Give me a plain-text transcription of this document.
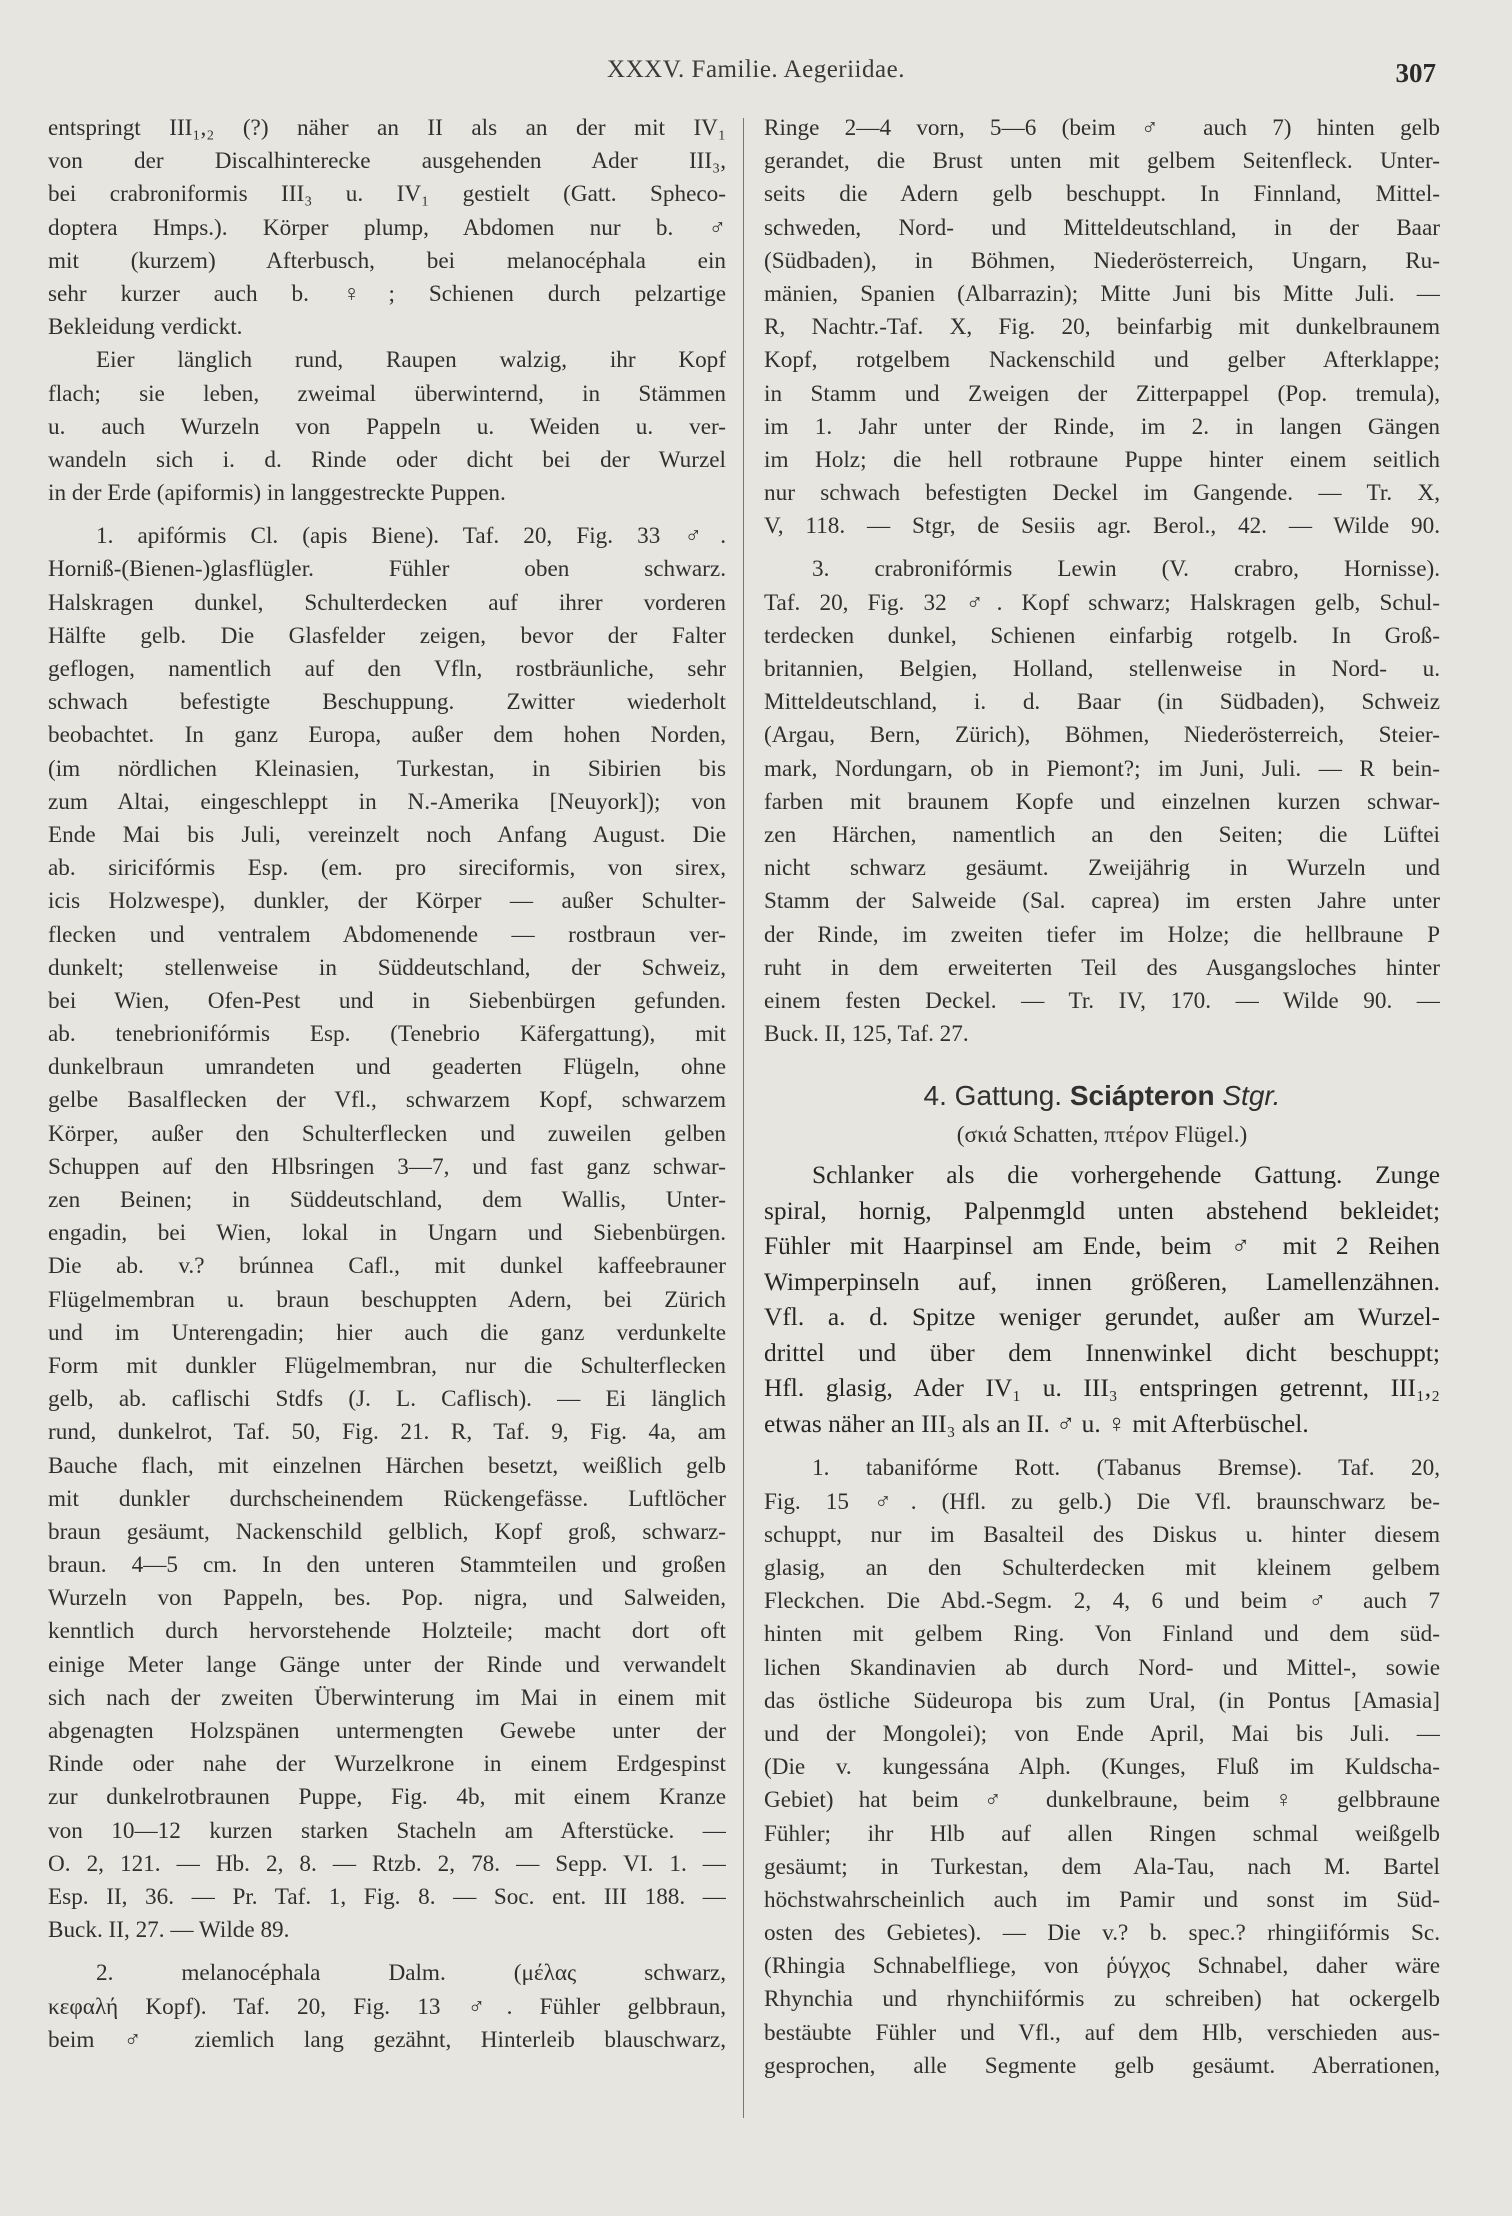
XXXV. Familie. Aegeriidae.	307
entspringt III₁,₂ (?) näher an II als an der mit IV₁
von der Discalhinterecke ausgehenden Ader III₃,
bei crabroniformis III₃ u. IV₁ gestielt (Gatt. Spheco-
doptera Hmps.). Körper plump, Abdomen nur b. ♂
mit (kurzem) Afterbusch, bei melanocéphala ein
sehr kurzer auch b. ♀; Schienen durch pelzartige
Bekleidung verdickt.
Eier länglich rund, Raupen walzig, ihr Kopf
flach; sie leben, zweimal überwinternd, in Stämmen
u. auch Wurzeln von Pappeln u. Weiden u. ver-
wandeln sich i. d. Rinde oder dicht bei der Wurzel
in der Erde (apiformis) in langgestreckte Puppen.
1. apifórmis Cl. (apis Biene). Taf. 20, Fig. 33 ♂.
Horniß-(Bienen-)glasflügler. Fühler oben schwarz.
Halskragen dunkel, Schulterdecken auf ihrer vorderen
Hälfte gelb. Die Glasfelder zeigen, bevor der Falter
geflogen, namentlich auf den Vfln, rostbräunliche, sehr
schwach befestigte Beschuppung. Zwitter wiederholt
beobachtet. In ganz Europa, außer dem hohen Norden,
(im nördlichen Kleinasien, Turkestan, in Sibirien bis
zum Altai, eingeschleppt in N.-Amerika [Neuyork]); von
Ende Mai bis Juli, vereinzelt noch Anfang August. Die
ab. siricifórmis Esp. (em. pro sireciformis, von sirex,
icis Holzwespe), dunkler, der Körper — außer Schulter-
flecken und ventralem Abdomenende — rostbraun ver-
dunkelt; stellenweise in Süddeutschland, der Schweiz,
bei Wien, Ofen-Pest und in Siebenbürgen gefunden.
ab. tenebrionifórmis Esp. (Tenebrio Käfergattung), mit
dunkelbraun umrandeten und geaderten Flügeln, ohne
gelbe Basalflecken der Vfl., schwarzem Kopf, schwarzem
Körper, außer den Schulterflecken und zuweilen gelben
Schuppen auf den Hlbsringen 3—7, und fast ganz schwar-
zen Beinen; in Süddeutschland, dem Wallis, Unter-
engadin, bei Wien, lokal in Ungarn und Siebenbürgen.
Die ab. v.? brúnnea Cafl., mit dunkel kaffeebrauner
Flügelmembran u. braun beschuppten Adern, bei Zürich
und im Unterengadin; hier auch die ganz verdunkelte
Form mit dunkler Flügelmembran, nur die Schulterflecken
gelb, ab. caflischi Stdfs (J. L. Caflisch). — Ei länglich
rund, dunkelrot, Taf. 50, Fig. 21. R, Taf. 9, Fig. 4a, am
Bauche flach, mit einzelnen Härchen besetzt, weißlich gelb
mit dunkler durchscheinendem Rückengefässe. Luftlöcher
braun gesäumt, Nackenschild gelblich, Kopf groß, schwarz-
braun. 4—5 cm. In den unteren Stammteilen und großen
Wurzeln von Pappeln, bes. Pop. nigra, und Salweiden,
kenntlich durch hervorstehende Holzteile; macht dort oft
einige Meter lange Gänge unter der Rinde und verwandelt
sich nach der zweiten Überwinterung im Mai in einem mit
abgenagten Holzspänen untermengten Gewebe unter der
Rinde oder nahe der Wurzelkrone in einem Erdgespinst
zur dunkelrotbraunen Puppe, Fig. 4b, mit einem Kranze
von 10—12 kurzen starken Stacheln am Afterstücke. —
O. 2, 121. — Hb. 2, 8. — Rtzb. 2, 78. — Sepp. VI. 1. —
Esp. II, 36. — Pr. Taf. 1, Fig. 8. — Soc. ent. III 188. —
Buck. II, 27. — Wilde 89.
2. melanocéphala Dalm. (μέλας schwarz,
κεφαλή Kopf). Taf. 20, Fig. 13 ♂. Fühler gelbbraun,
beim ♂ ziemlich lang gezähnt, Hinterleib blauschwarz,
Ringe 2—4 vorn, 5—6 (beim ♂ auch 7) hinten gelb
gerandet, die Brust unten mit gelbem Seitenfleck. Unter-
seits die Adern gelb beschuppt. In Finnland, Mittel-
schweden, Nord- und Mitteldeutschland, in der Baar
(Südbaden), in Böhmen, Niederösterreich, Ungarn, Ru-
mänien, Spanien (Albarrazin); Mitte Juni bis Mitte Juli. —
R, Nachtr.-Taf. X, Fig. 20, beinfarbig mit dunkelbraunem
Kopf, rotgelbem Nackenschild und gelber Afterklappe;
in Stamm und Zweigen der Zitterpappel (Pop. tremula),
im 1. Jahr unter der Rinde, im 2. in langen Gängen
im Holz; die hell rotbraune Puppe hinter einem seitlich
nur schwach befestigten Deckel im Gangende. — Tr. X,
V, 118. — Stgr, de Sesiis agr. Berol., 42. — Wilde 90.
3. crabronifórmis Lewin (V. crabro, Hornisse).
Taf. 20, Fig. 32 ♂. Kopf schwarz; Halskragen gelb, Schul-
terdecken dunkel, Schienen einfarbig rotgelb. In Groß-
britannien, Belgien, Holland, stellenweise in Nord- u.
Mitteldeutschland, i. d. Baar (in Südbaden), Schweiz
(Argau, Bern, Zürich), Böhmen, Niederösterreich, Steier-
mark, Nordungarn, ob in Piemont?; im Juni, Juli. — R bein-
farben mit braunem Kopfe und einzelnen kurzen schwar-
zen Härchen, namentlich an den Seiten; die Lüftei
nicht schwarz gesäumt. Zweijährig in Wurzeln und
Stamm der Salweide (Sal. caprea) im ersten Jahre unter
der Rinde, im zweiten tiefer im Holze; die hellbraune P
ruht in dem erweiterten Teil des Ausgangsloches hinter
einem festen Deckel. — Tr. IV, 170. — Wilde 90. —
Buck. II, 125, Taf. 27.
4. Gattung. Sciápteron Stgr.
(σκιά Schatten, πτέρον Flügel.)
Schlanker als die vorhergehende Gattung. Zunge
spiral, hornig, Palpenmgld unten abstehend bekleidet;
Fühler mit Haarpinsel am Ende, beim ♂ mit 2 Reihen
Wimperpinseln auf, innen größeren, Lamellenzähnen.
Vfl. a. d. Spitze weniger gerundet, außer am Wurzel-
drittel und über dem Innenwinkel dicht beschuppt;
Hfl. glasig, Ader IV₁ u. III₃ entspringen getrennt, III₁,₂
etwas näher an III₃ als an II. ♂ u. ♀ mit Afterbüschel.
1. tabanifórme Rott. (Tabanus Bremse). Taf. 20,
Fig. 15 ♂. (Hfl. zu gelb.) Die Vfl. braunschwarz be-
schuppt, nur im Basalteil des Diskus u. hinter diesem
glasig, an den Schulterdecken mit kleinem gelbem
Fleckchen. Die Abd.-Segm. 2, 4, 6 und beim ♂ auch 7
hinten mit gelbem Ring. Von Finland und dem süd-
lichen Skandinavien ab durch Nord- und Mittel-, sowie
das östliche Südeuropa bis zum Ural, (in Pontus [Amasia]
und der Mongolei); von Ende April, Mai bis Juli. —
(Die v. kungessána Alph. (Kunges, Fluß im Kuldscha-
Gebiet) hat beim ♂ dunkelbraune, beim ♀ gelbbraune
Fühler; ihr Hlb auf allen Ringen schmal weißgelb
gesäumt; in Turkestan, dem Ala-Tau, nach M. Bartel
höchstwahrscheinlich auch im Pamir und sonst im Süd-
osten des Gebietes). — Die v.? b. spec.? rhingiifórmis Sc.
(Rhingia Schnabelfliege, von ῥύγχος Schnabel, daher wäre
Rhynchia und rhynchiifórmis zu schreiben) hat ockergelb
bestäubte Fühler und Vfl., auf dem Hlb, verschieden aus-
gesprochen, alle Segmente gelb gesäumt. Aberrationen,
